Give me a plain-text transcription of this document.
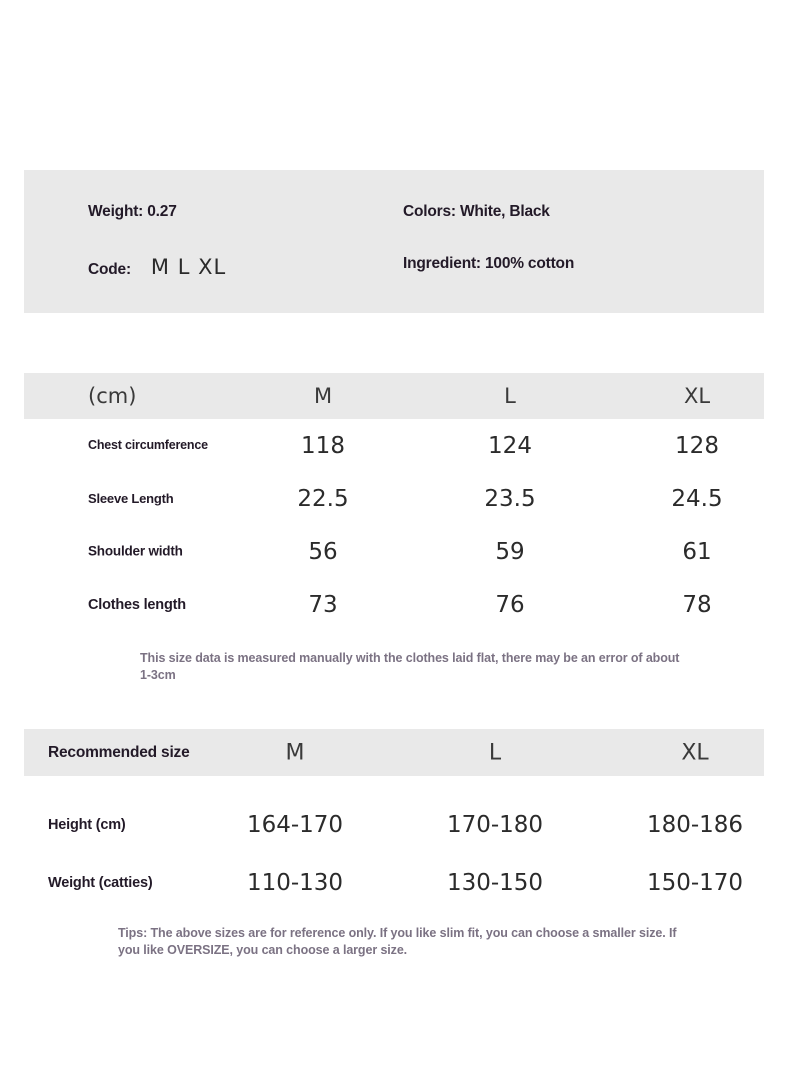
Weight: 0.27	Colors: White, Black
Code: M L XL	Ingredient: 100% cotton
(cm)	M	L	XL
Chest circumference	118	124	128
Sleeve Length	22.5	23.5	24.5
Shoulder width	56	59	61
Clothes length	73	76	78
This size data is measured manually with the clothes laid flat, there may be an error of about 1-3cm
Recommended size	M	L	XL
Height (cm)	164-170	170-180	180-186
Weight (catties)	110-130	130-150	150-170
Tips: The above sizes are for reference only. If you like slim fit, you can choose a smaller size. If you like OVERSIZE, you can choose a larger size.
